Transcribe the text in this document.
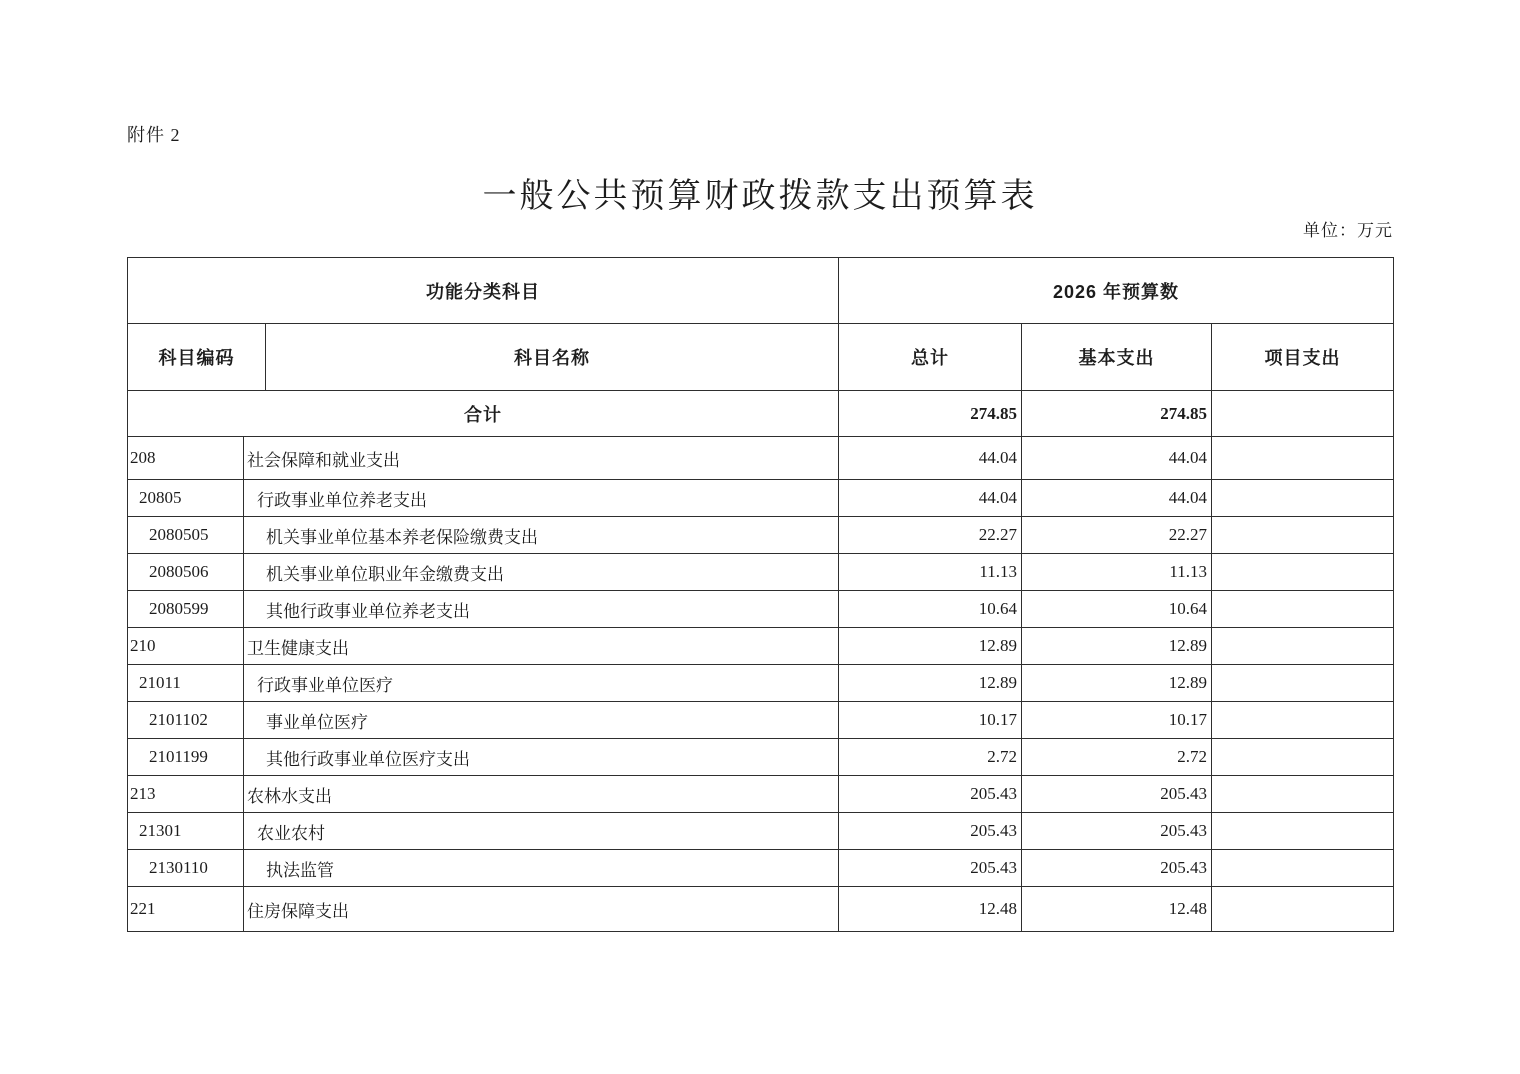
附件 2
一般公共预算财政拨款支出预算表
单位：万元
功能分类科目			2026 年预算数		
科目编码		科目名称	总计	基本支出	项目支出
合计			274.85	274.85	
208	社会保障和就业支出		44.04	44.04	
20805	行政事业单位养老支出		44.04	44.04	
2080505	机关事业单位基本养老保险缴费支出		22.27	22.27	
2080506	机关事业单位职业年金缴费支出		11.13	11.13	
2080599	其他行政事业单位养老支出		10.64	10.64	
210	卫生健康支出		12.89	12.89	
21011	行政事业单位医疗		12.89	12.89	
2101102	事业单位医疗		10.17	10.17	
2101199	其他行政事业单位医疗支出		2.72	2.72	
213	农林水支出		205.43	205.43	
21301	农业农村		205.43	205.43	
2130110	执法监管		205.43	205.43	
221	住房保障支出		12.48	12.48	
